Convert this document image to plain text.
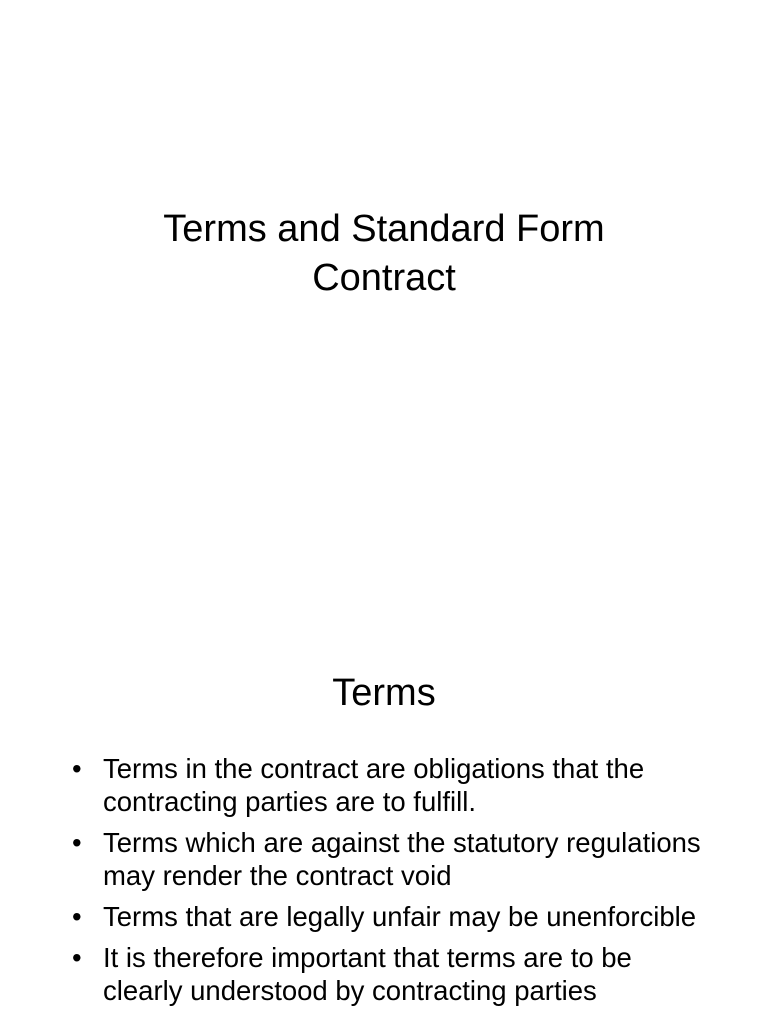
Terms and Standard Form
Contract
Terms
• Terms in the contract are obligations that the contracting parties are to fulfill.
• Terms which are against the statutory regulations may render the contract void
• Terms that are legally unfair may be unenforcible
• It is therefore important that terms are to be clearly understood by contracting parties
